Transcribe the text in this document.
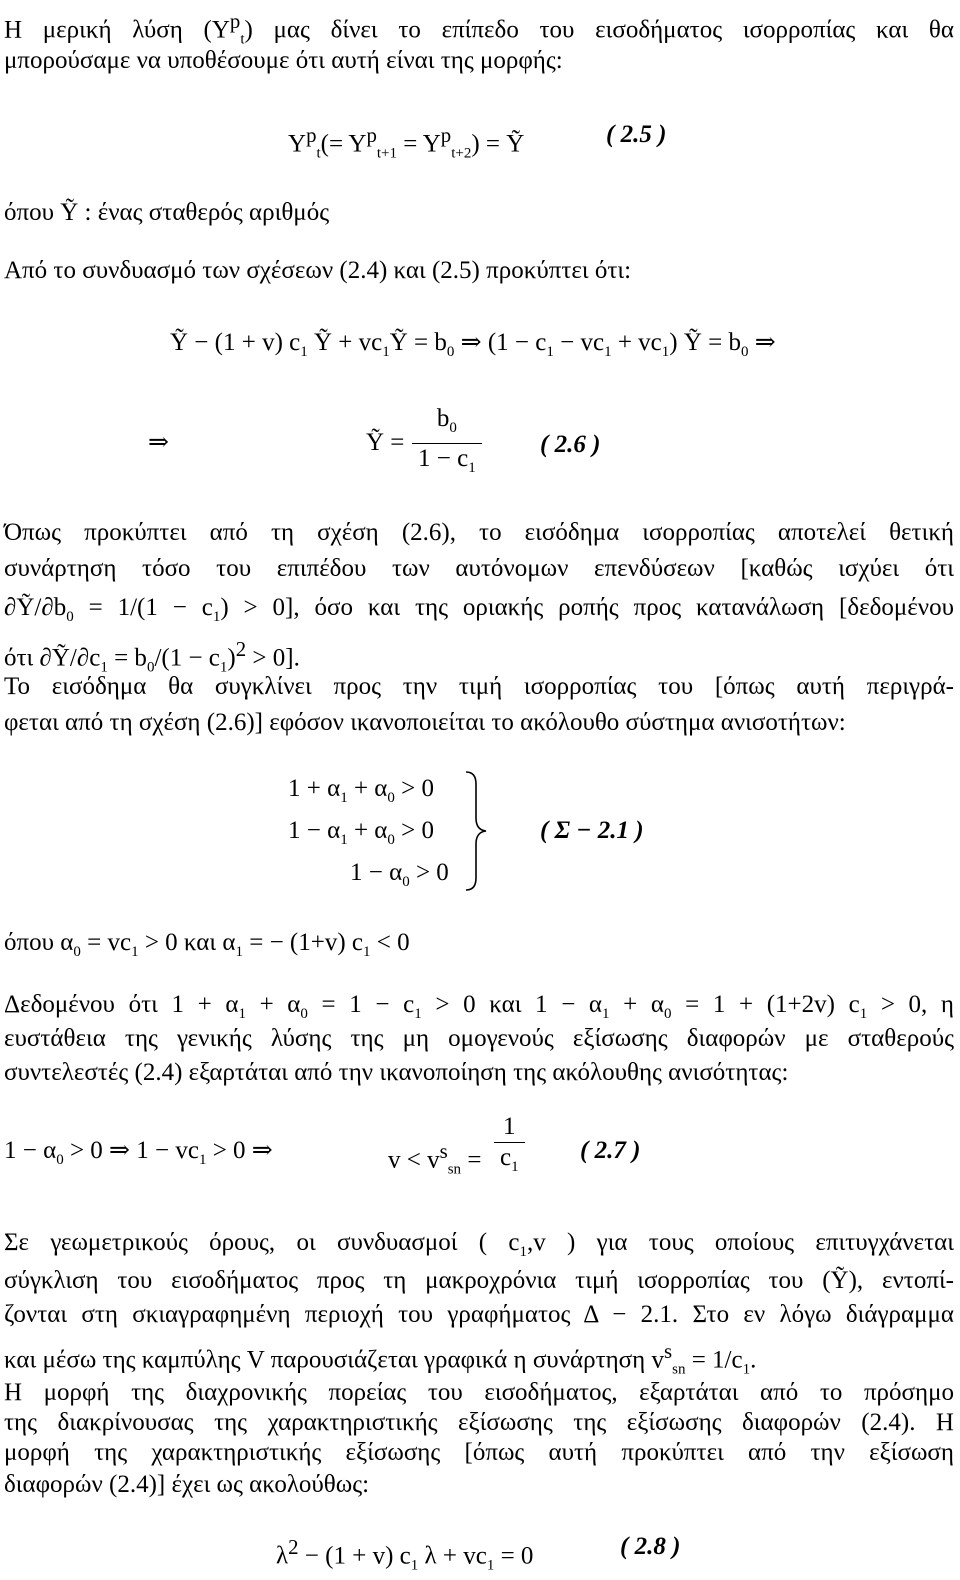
Η μερική λύση $(Y^p_t)$ μας δίνει το επίπεδο του εισοδήματος ισορροπίας και θα
μπορούσαμε να υποθέσουμε ότι αυτή είναι της μορφής:
$Y^p_t(= Y^p_{t+1} = Y^p_{t+2})$ = Ỹ	( 2.5 )
όπου Ỹ : ένας σταθερός αριθμός
Από το συνδυασμό των σχέσεων (2.4) και (2.5) προκύπτει ότι:
Ỹ − (1 + v) $c_1$ Ỹ + $vc_1Ỹ = b_0$ ⇒ $(1 - c_1 - vc_1 + vc_1)$ Ỹ = $b_0$ ⇒
⇒	Ỹ = $\frac{b_0}{1 - c_1}$ ( 2.6 )
Όπως προκύπτει από τη σχέση (2.6), το εισόδημα ισορροπίας αποτελεί θετική
συνάρτηση τόσο του επιπέδου των αυτόνομων επενδύσεων [καθώς ισχύει ότι
$\partial Ỹ/\partial b_0 = 1/(1 - c_1) > 0$], όσο και της οριακής ροπής προς κατανάλωση [δεδομένου
ότι $\partial Ỹ/\partial c_1 = b_0/(1 - c_1)^2 > 0$].
Το εισόδημα θα συγκλίνει προς την τιμή ισορροπίας του [όπως αυτή περιγρά-
φεται από τη σχέση (2.6)] εφόσον ικανοποιείται το ακόλουθο σύστημα ανισοτήτων:
$1 + \alpha_1 + \alpha_0 > 0$
$1 - \alpha_1 + \alpha_0 > 0$
$1 - \alpha_0 > 0$
( Σ − 2.1 )
όπου $\alpha_0 = vc_1 > 0$ και $\alpha_1$ = − (1+v) $c_1 < 0$
Δεδομένου ότι $1 + \alpha_1 + \alpha_0 = 1 - c_1 > 0$ και $1 - \alpha_1 + \alpha_0 = 1 + (1+2v) c_1 > 0$, η
ευστάθεια της γενικής λύσης της μη ομογενούς εξίσωσης διαφορών με σταθερούς
συντελεστές (2.4) εξαρτάται από την ικανοποίηση της ακόλουθης ανισότητας:
$1 - \alpha_0 > 0$ ⇒ $1 - vc_1 > 0$ ⇒	$v < v^s_{sn} = \frac{1}{c_1}$ ( 2.7 )
Σε γεωμετρικούς όρους, οι συνδυασμοί ( $c_1,v$ ) για τους οποίους επιτυγχάνεται
σύγκλιση του εισοδήματος προς τη μακροχρόνια τιμή ισορροπίας του (Ỹ), εντοπί-
ζονται στη σκιαγραφημένη περιοχή του γραφήματος Δ − 2.1. Στο εν λόγω διάγραμμα
και μέσω της καμπύλης V παρουσιάζεται γραφικά η συνάρτηση $v^s_{sn} = 1/c_1$.
Η μορφή της διαχρονικής πορείας του εισοδήματος, εξαρτάται από το πρόσημο
της διακρίνουσας της χαρακτηριστικής εξίσωσης της εξίσωσης διαφορών (2.4). Η
μορφή της χαρακτηριστικής εξίσωσης [όπως αυτή προκύπτει από την εξίσωση
διαφορών (2.4)] έχει ως ακολούθως:
$\lambda^2 - (1 + v)$ $c_1$ $\lambda + vc_1 = 0$	( 2.8 )
